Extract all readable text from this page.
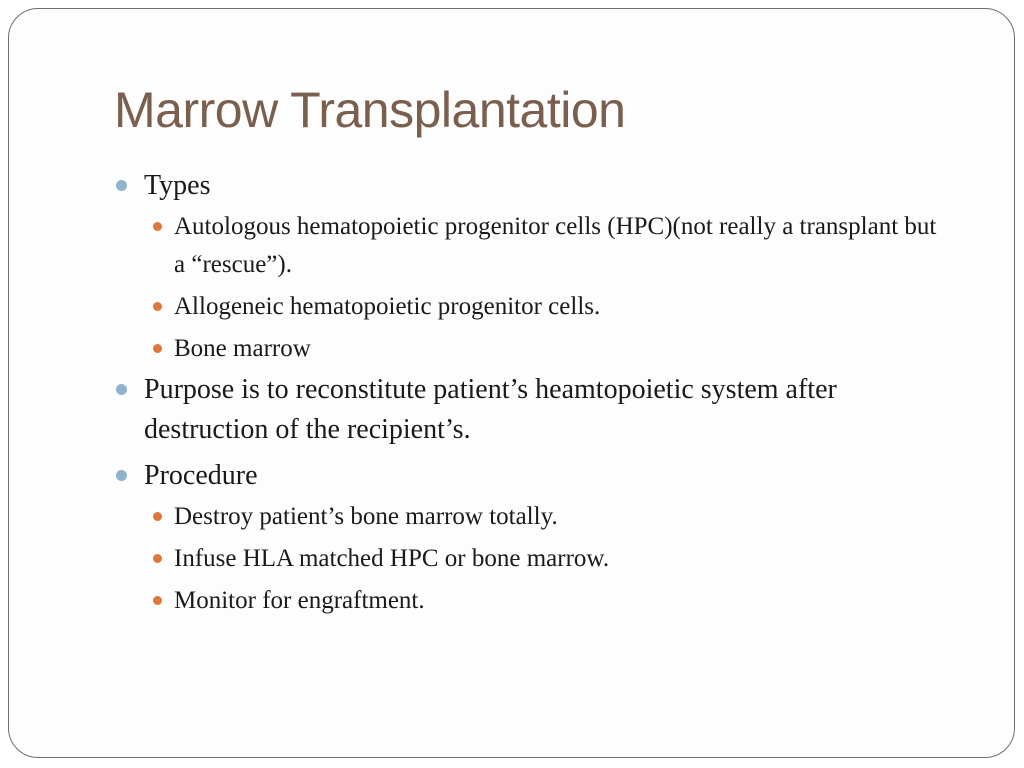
Marrow Transplantation
Types
Autologous hematopoietic progenitor cells (HPC)(not really a transplant but a “rescue”).
Allogeneic hematopoietic progenitor cells.
Bone marrow
Purpose is to reconstitute patient’s heamtopoietic system after destruction of the recipient’s.
Procedure
Destroy patient’s bone marrow totally.
Infuse HLA matched HPC or bone marrow.
Monitor for engraftment.
